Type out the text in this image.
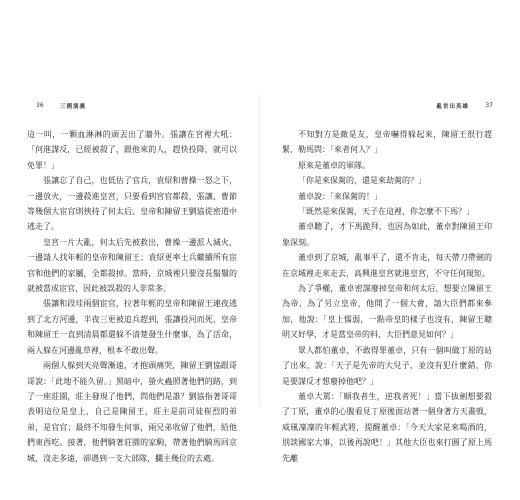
36	三國演義

這一叫，一顆血淋淋的頭丟出了牆外。張讓在宮裡大吼：「何進謀反，已經被殺了，跟他來的人，趕快投降，就可以免罪！」

張讓忘了自己，也低估了官兵，袁紹和曹操一怒之下，一邊放火，一邊殺進皇宮，只要看到宮官都殺，張讓、曹節等幾個大宦官則挾持了何太后、皇帝和陳留王劉協從密道中逃走了。

皇宮一片大亂，何太后先被救出，曹操一邊派人滅火，一邊請人找年輕的皇帝和陳留王；袁紹更率士兵繼續所有宦官和他們的家屬，全都殺掉。當時，京城裡只要沒長鬍鬚的就被當成宦官，因此被誤殺的人非常多。

張讓和段珪兩個宦官，拉著年輕的皇帝和陳留王連夜逃到了北方河邊，半夜三更被追兵趕到，張讓投河而死，皇帝和陳留王一直到清晨都還躲不清楚發生什麼事，為了活命，兩人躲在河邊亂草裡，根本不敢出聲。

兩個人躲到天亮聲漸遠，才抱頭痛哭，陳留王劉協跟哥哥說：「此地不能久留。」黑暗中，螢火蟲照著他們的路，到了一座莊園，莊主發現了他們，問他們是誰？劉協指著哥哥表明這位是皇上，自己是陳留王，莊主是前司徒崔烈的弟弟，是官官；最終不知發生何事，兩兄弟收留了他們，給他們東西吃。接著，他們騎著莊園的家駒，帶著他們騎馬回京城，沒走多遠，卻遇到一支大部隊，攔主幾位的去處。

亂世出英雄	37

不知對方是敵是友，皇帝嚇得躲起來，陳留王很行趕緊，勒馬問：「來者何人？」

原來是董卓的軍隊。

「你是來保駕的，還是來劫駕的？」

董卓說：「來保駕的！」

「既然是來保駕，天子在這裡，你怎麼不下馬？」

董卓聽了，才下馬跪拜，也因為如此，董卓對陳留王印象深刻。

董卓到了京城，亂事平了，還不肯走，每天帶刀帶劍的在京城裡走來走去，高興進皇宮就進皇宮，不守任何規矩。

為了爭權，董卓密謀廢掉皇帝和何太后，想要立陳留王為帝，為了另立皇帝，他開了一個大會，請大臣們都來參加，他說：「皇上懦弱，一點帝皇的樣子也沒有，陳留王聰明又好學，才是當皇帝的料，大臣們意見如何？」

眾人都怕董卓，不敢得罪董卓，只有一個叫做丁原的站了出來，說：「天子是先帝的大兒子，並沒有犯什麼錯，你是要謀反才想廢掉他吧？」

董卓大罵：「順我者生，逆我者死！」當下拔劍想要殺了丁原，董卓的心腹看見丁原後面站著一個身著方天畫戟，威風凜凜的年輕武將，提醒董卓：「今天大家是來喝酒的，別談國家大事，以後再說吧！」其他大臣也來打圓了原上馬先離
